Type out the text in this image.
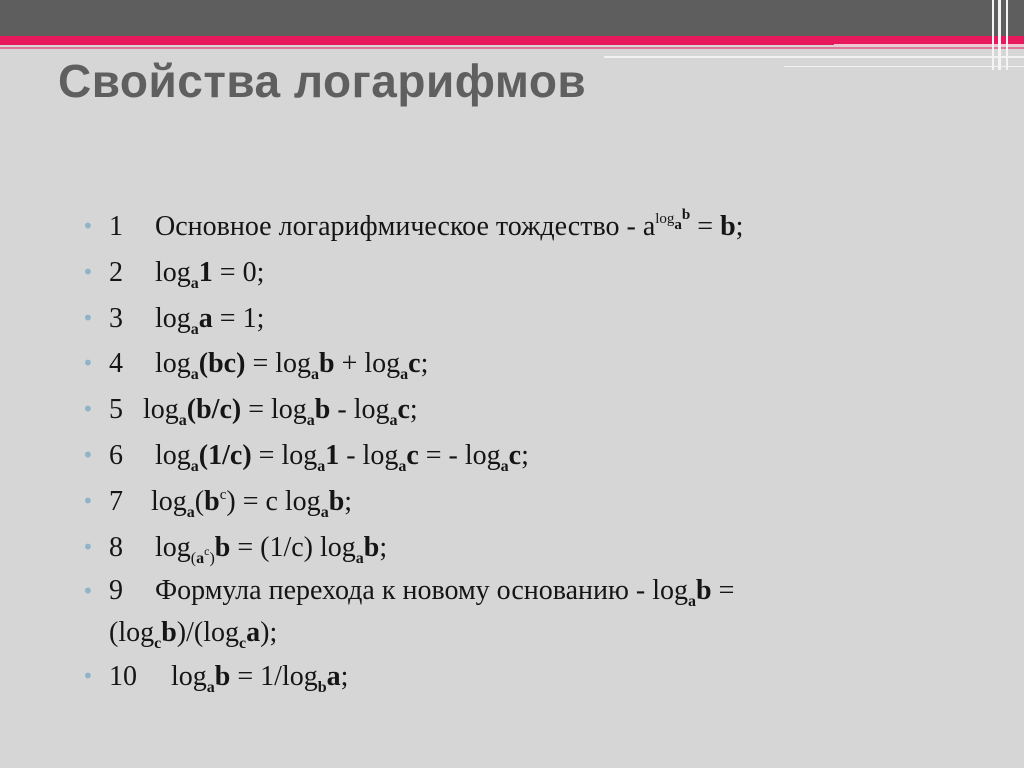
Свойства логарифмов
• 1 Основное логарифмическое тождество - $a^{logab} = b$;
• 2 $\log_a1 = 0$;
• 3 $\log_aa = 1$;
• 4 $\log_a(bc) = \log_ab + \log_ac$;
• 5 $\log_a(b/c) = \log_ab - \log_ac$;
• 6 $\log_a(1/c) = \log_a1 - \log_ac$ = - $\log_ac$;
• 7 $\log_a(b^c) = c$ $\log_ab$;
• 8 $\log_{(a^c)}b = (1/c)$ $\log_ab$;
• 9 Формула перехода к новому основанию - $\log_ab$ =
$(\log_cb)/(\log_ca)$;
• 10 $\log_ab = 1/\log_ba$;
